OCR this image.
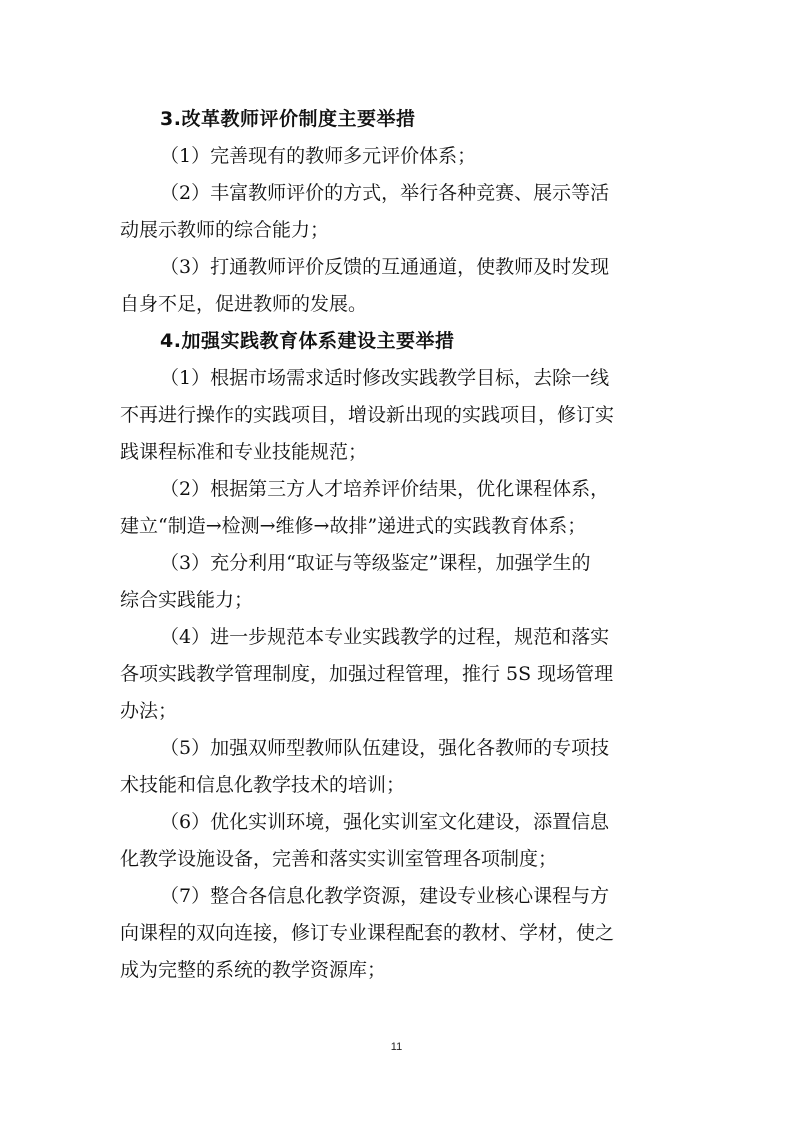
3.改革教师评价制度主要举措
（1）完善现有的教师多元评价体系；
（2）丰富教师评价的方式，举行各种竞赛、展示等活
动展示教师的综合能力；
（3）打通教师评价反馈的互通通道，使教师及时发现
自身不足，促进教师的发展。
4.加强实践教育体系建设主要举措
（1）根据市场需求适时修改实践教学目标，去除一线
不再进行操作的实践项目，增设新出现的实践项目，修订实
践课程标准和专业技能规范；
（2）根据第三方人才培养评价结果，优化课程体系，
建立“制造→检测→维修→故排”递进式的实践教育体系；
（3）充分利用“取证与等级鉴定”课程，加强学生的
综合实践能力；
（4）进一步规范本专业实践教学的过程，规范和落实
各项实践教学管理制度，加强过程管理，推行 5S 现场管理
办法；
（5）加强双师型教师队伍建设，强化各教师的专项技
术技能和信息化教学技术的培训；
（6）优化实训环境，强化实训室文化建设，添置信息
化教学设施设备，完善和落实实训室管理各项制度；
（7）整合各信息化教学资源，建设专业核心课程与方
向课程的双向连接，修订专业课程配套的教材、学材，使之
成为完整的系统的教学资源库；
11
